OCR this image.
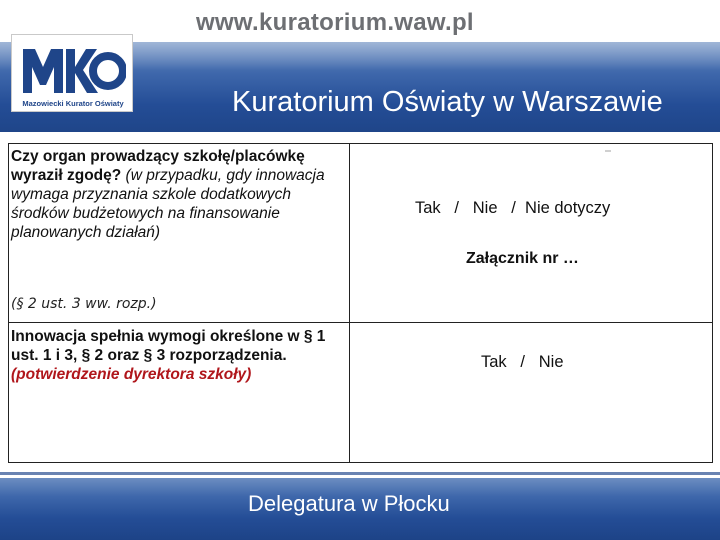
www.kuratorium.waw.pl
Kuratorium Oświaty w Warszawie
Mazowiecki Kurator Oświaty
Czy organ prowadzący szkołę/placówkę wyraził zgodę? (w przypadku, gdy innowacja wymaga przyznania szkole dodatkowych środków budżetowych na finansowanie planowanych działań)
(§ 2 ust. 3 ww. rozp.)
Tak   /   Nie   /  Nie dotyczy
Załącznik nr …
Innowacja spełnia wymogi określone w § 1 ust. 1 i 3, § 2 oraz § 3 rozporządzenia.
(potwierdzenie dyrektora szkoły)
Tak   /   Nie
Delegatura w Płocku
